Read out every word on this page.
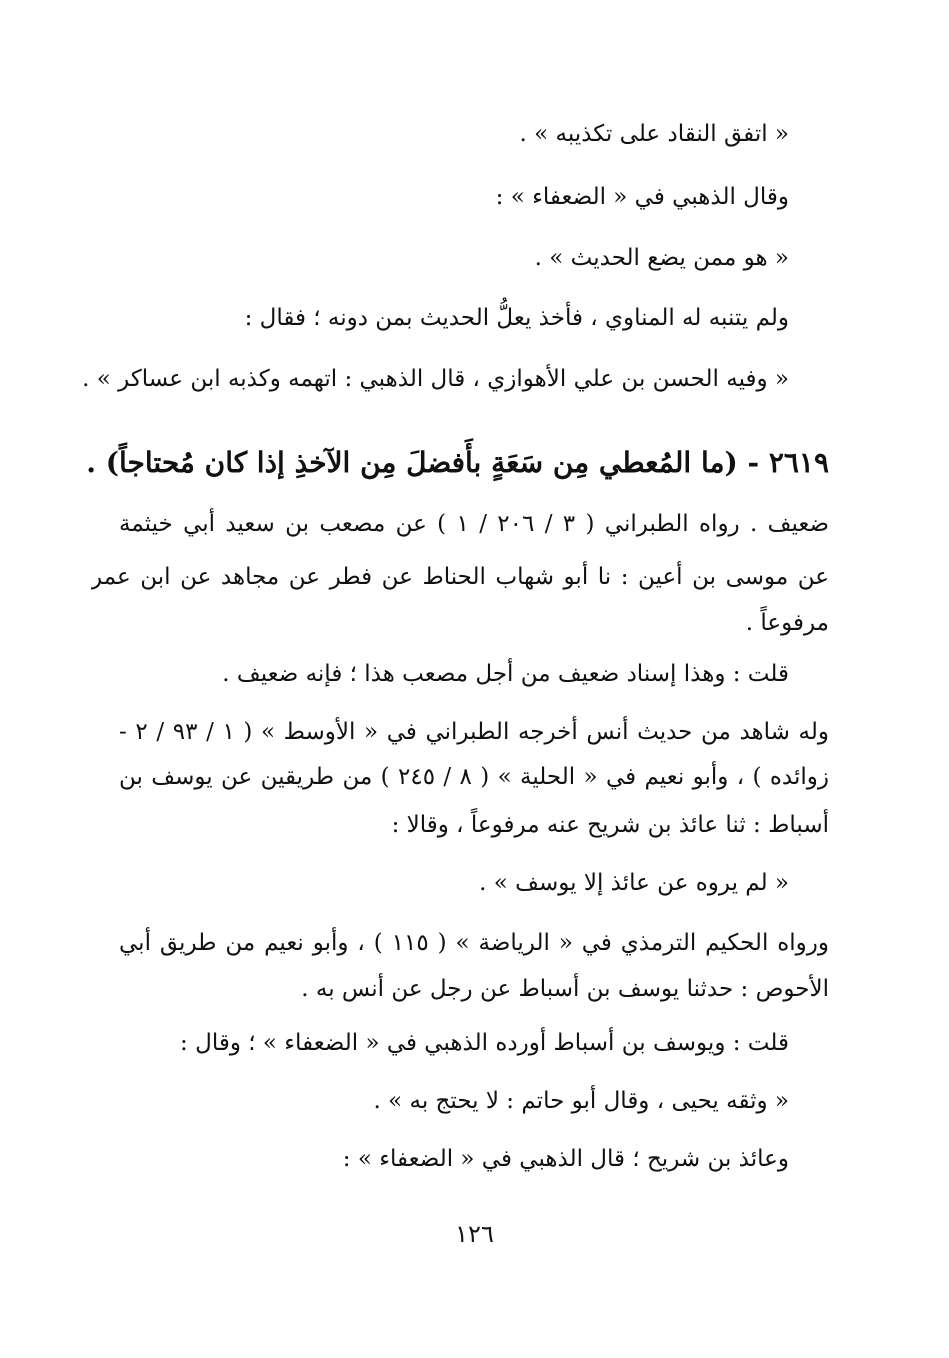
« اتفق النقاد على تكذيبه » .
وقال الذهبي في « الضعفاء » :
« هو ممن يضع الحديث » .
ولم يتنبه له المناوي ، فأخذ يعلُّ الحديث بمن دونه ؛ فقال :
« وفيه الحسن بن علي الأهوازي ، قال الذهبي : اتهمه وكذبه ابن عساكر » .
٢٦١٩ - (ما المُعطي مِن سَعَةٍ بأَفضلَ مِن الآخذِ إذا كان مُحتاجاً) .
ضعيف . رواه الطبراني ( ٣ / ٢٠٦ / ١ ) عن مصعب بن سعيد أبي خيثمة
عن موسى بن أعين : نا أبو شهاب الحناط عن فطر عن مجاهد عن ابن عمر
مرفوعاً .
قلت : وهذا إسناد ضعيف من أجل مصعب هذا ؛ فإنه ضعيف .
وله شاهد من حديث أنس أخرجه الطبراني في « الأوسط » ( ١ / ٩٣ / ٢ -
زوائده ) ، وأبو نعيم في « الحلية » ( ٨ / ٢٤٥ ) من طريقين عن يوسف بن
أسباط : ثنا عائذ بن شريح عنه مرفوعاً ، وقالا :
« لم يروه عن عائذ إلا يوسف » .
ورواه الحكيم الترمذي في « الرياضة » ( ١١٥ ) ، وأبو نعيم من طريق أبي
الأحوص : حدثنا يوسف بن أسباط عن رجل عن أنس به .
قلت : ويوسف بن أسباط أورده الذهبي في « الضعفاء » ؛ وقال :
« وثقه يحيى ، وقال أبو حاتم : لا يحتج به » .
وعائذ بن شريح ؛ قال الذهبي في « الضعفاء » :
١٢٦
